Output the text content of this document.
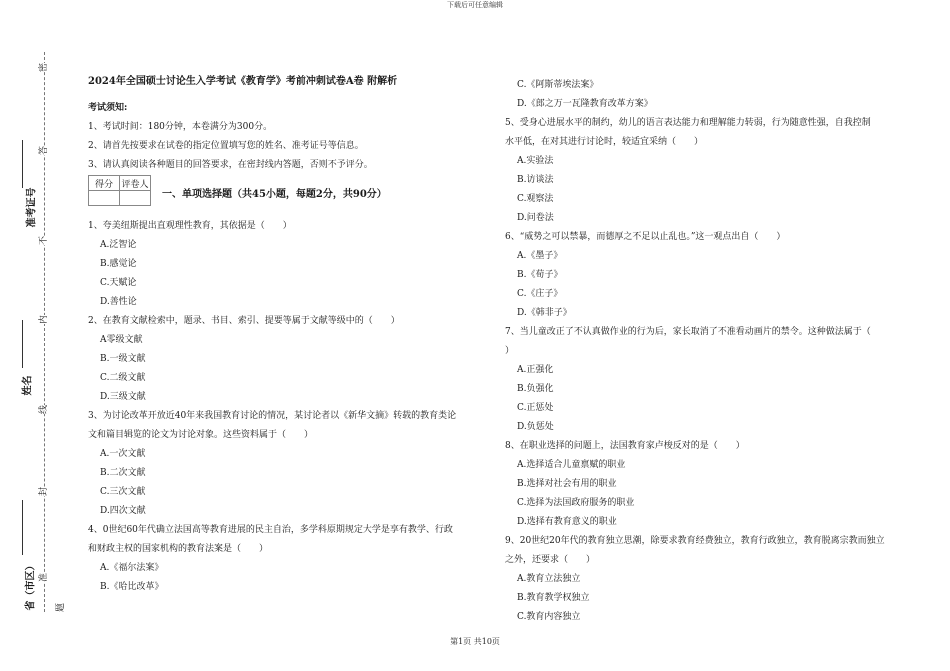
下载后可任意编辑
密
答
不
内
线
封
准
题
准考证号
姓名
省（市区）
2024年全国硕士讨论生入学考试《教育学》考前冲刺试卷A卷 附解析
考试须知:
1、考试时间：180分钟，本卷满分为300分。
2、请首先按要求在试卷的指定位置填写您的姓名、准考证号等信息。
3、请认真阅读各种题目的回答要求，在密封线内答题，否则不予评分。
得分	评卷人

一、单项选择题（共45小题，每题2分，共90分）
1、夸美纽斯提出直观理性教育，其依据是（　　）
A.泛智论
B.感觉论
C.天赋论
D.善性论
2、在教育文献检索中，题录、书目、索引、提要等属于文献等级中的（　　）
A零级文献
B.一级文献
C.二级文献
D.三级文献
3、为讨论改革开放近40年来我国教育讨论的情况，某讨论者以《新华文摘》转载的教育类论
文和篇目辑览的论文为讨论对象。这些资料属于（　　）
A.一次文献
B.二次文献
C.三次文献
D.四次文献
4、0世纪60年代确立法国高等教育进展的民主自治，多学科原期规定大学是享有教学、行政
和财政主权的国家机构的教育法案是（　　）
A.《福尔法案》
B.《哈比改革》
C.《阿斯蒂埃法案》
D.《郎之万一瓦隆教育改革方案》
5、受身心进展水平的制约，幼儿的语言表达能力和理解能力转弱，行为随意性强，自我控制
水平低，在对其进行讨论时，较适宜采纳（　　）
A.实验法
B.访谈法
C.观察法
D.问卷法
6、“威势之可以禁暴，而德厚之不足以止乱也。”这一观点出自（　　）
A.《墨子》
B.《荀子》
C.《庄子》
D.《韩非子》
7、当儿童改正了不认真做作业的行为后，家长取消了不准看动画片的禁令。这种做法属于（
）
A.正强化
B.负强化
C.正惩处
D.负惩处
8、在职业选择的问题上，法国教育家卢梭反对的是（　　）
A.选择适合儿童禀赋的职业
B.选择对社会有用的职业
C.选择为法国政府服务的职业
D.选择有教育意义的职业
9、20世纪20年代的教育独立思潮，除要求教育经费独立，教育行政独立，教育脱离宗教而独立
之外，还要求（　　）
A.教育立法独立
B.教育教学权独立
C.教育内容独立
第1页 共10页
